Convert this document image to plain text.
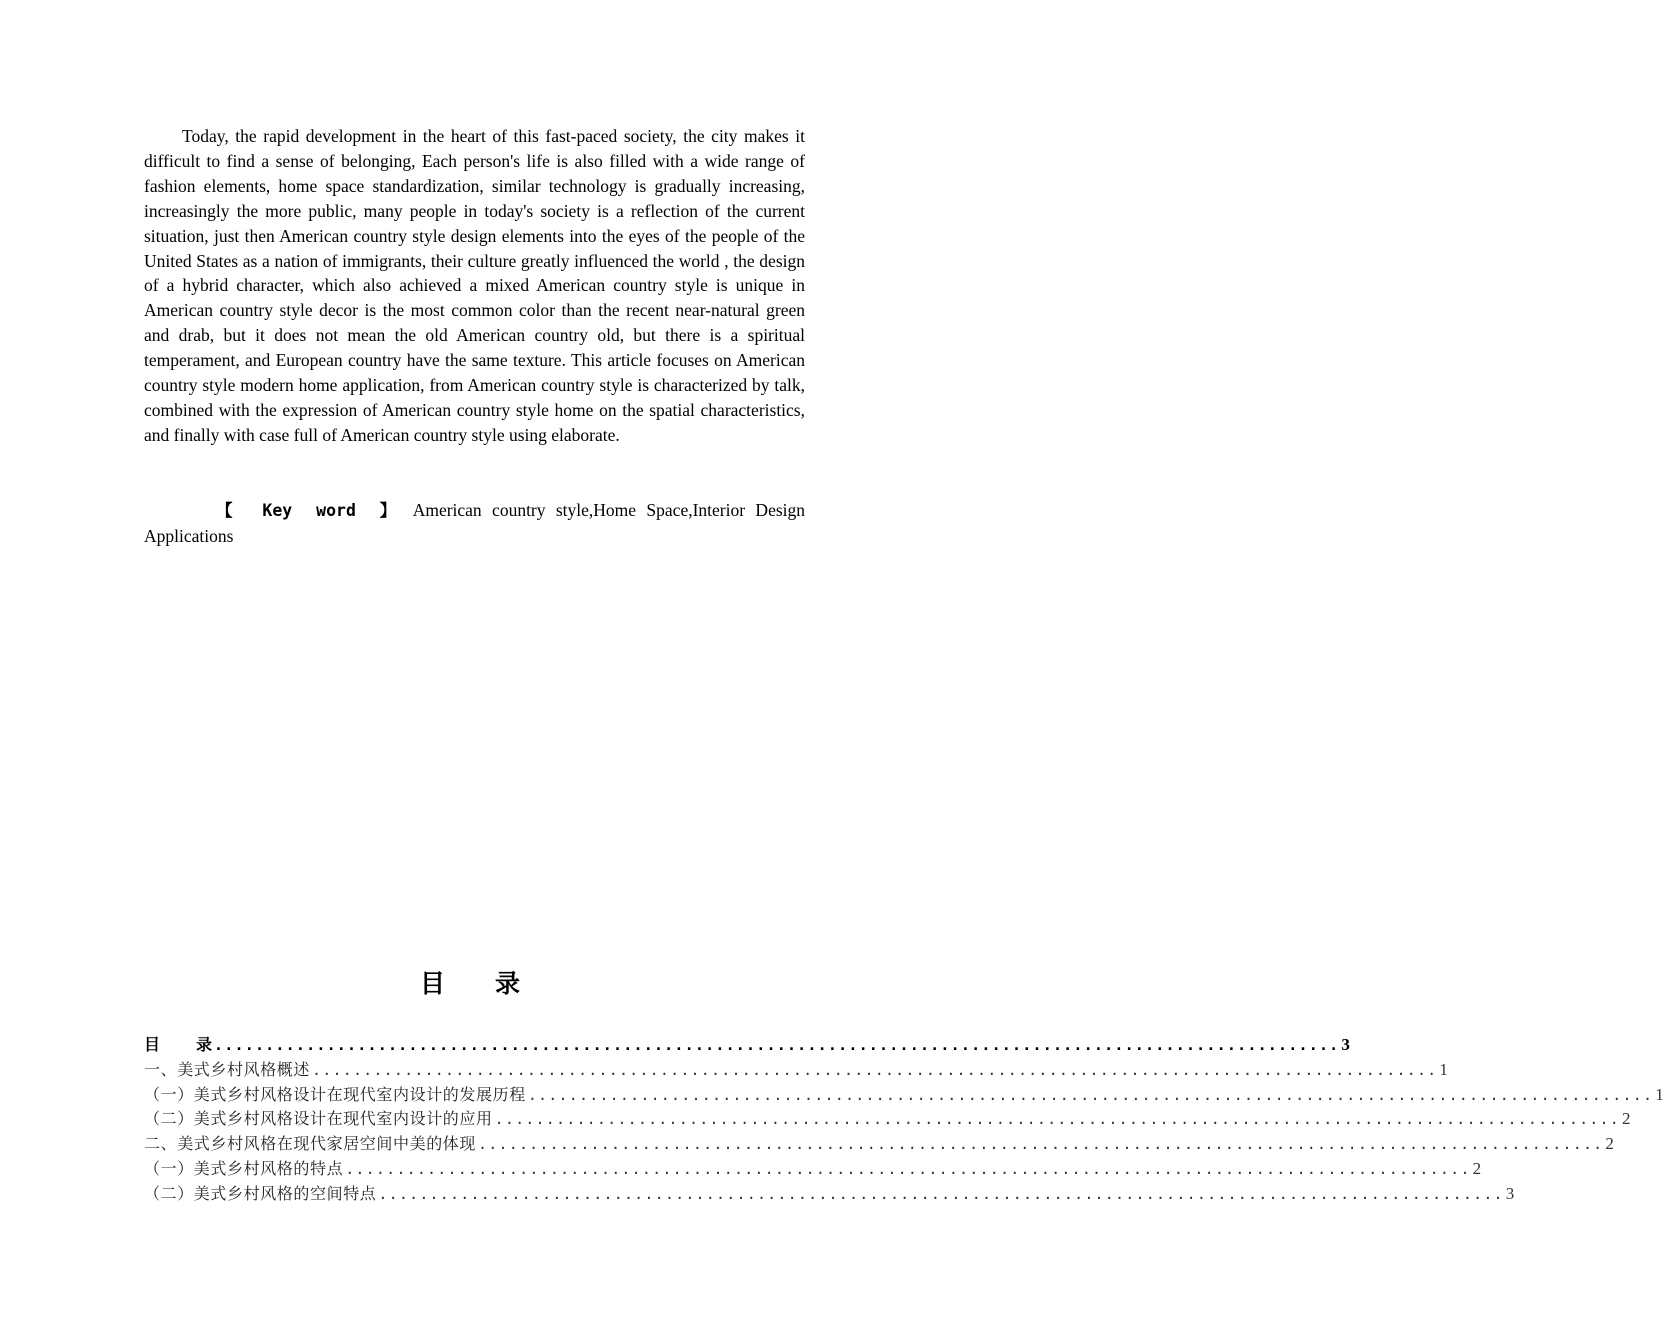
Today, the rapid development in the heart of this fast-paced society, the city makes it difficult to find a sense of belonging, Each person's life is also filled with a wide range of fashion elements, home space standardization, similar technology is gradually increasing, increasingly the more public, many people in today's society is a reflection of the current situation, just then American country style design elements into the eyes of the people of the United States as a nation of immigrants, their culture greatly influenced the world , the design of a hybrid character, which also achieved a mixed American country style is unique in American country style decor is the most common color than the recent near-natural green and drab, but it does not mean the old American country old, but there is a spiritual temperament, and European country have the same texture. This article focuses on American country style modern home application, from American country style is characterized by talk, combined with the expression of American country style home on the spatial characteristics, and finally with case full of American country style using elaborate.

【 Key word 】 American country style,Home Space,Interior Design Applications

目录
目 录 .............................................................................................................. 3
一、美式乡村风格概述 .............................................................................................................. 1
（一）美式乡村风格设计在现代室内设计的发展历程 .............................................................................................................. 1
（二）美式乡村风格设计在现代室内设计的应用 .............................................................................................................. 2
二、美式乡村风格在现代家居空间中美的体现 .............................................................................................................. 2
（一）美式乡村风格的特点 .............................................................................................................. 2
（二）美式乡村风格的空间特点 .............................................................................................................. 3
